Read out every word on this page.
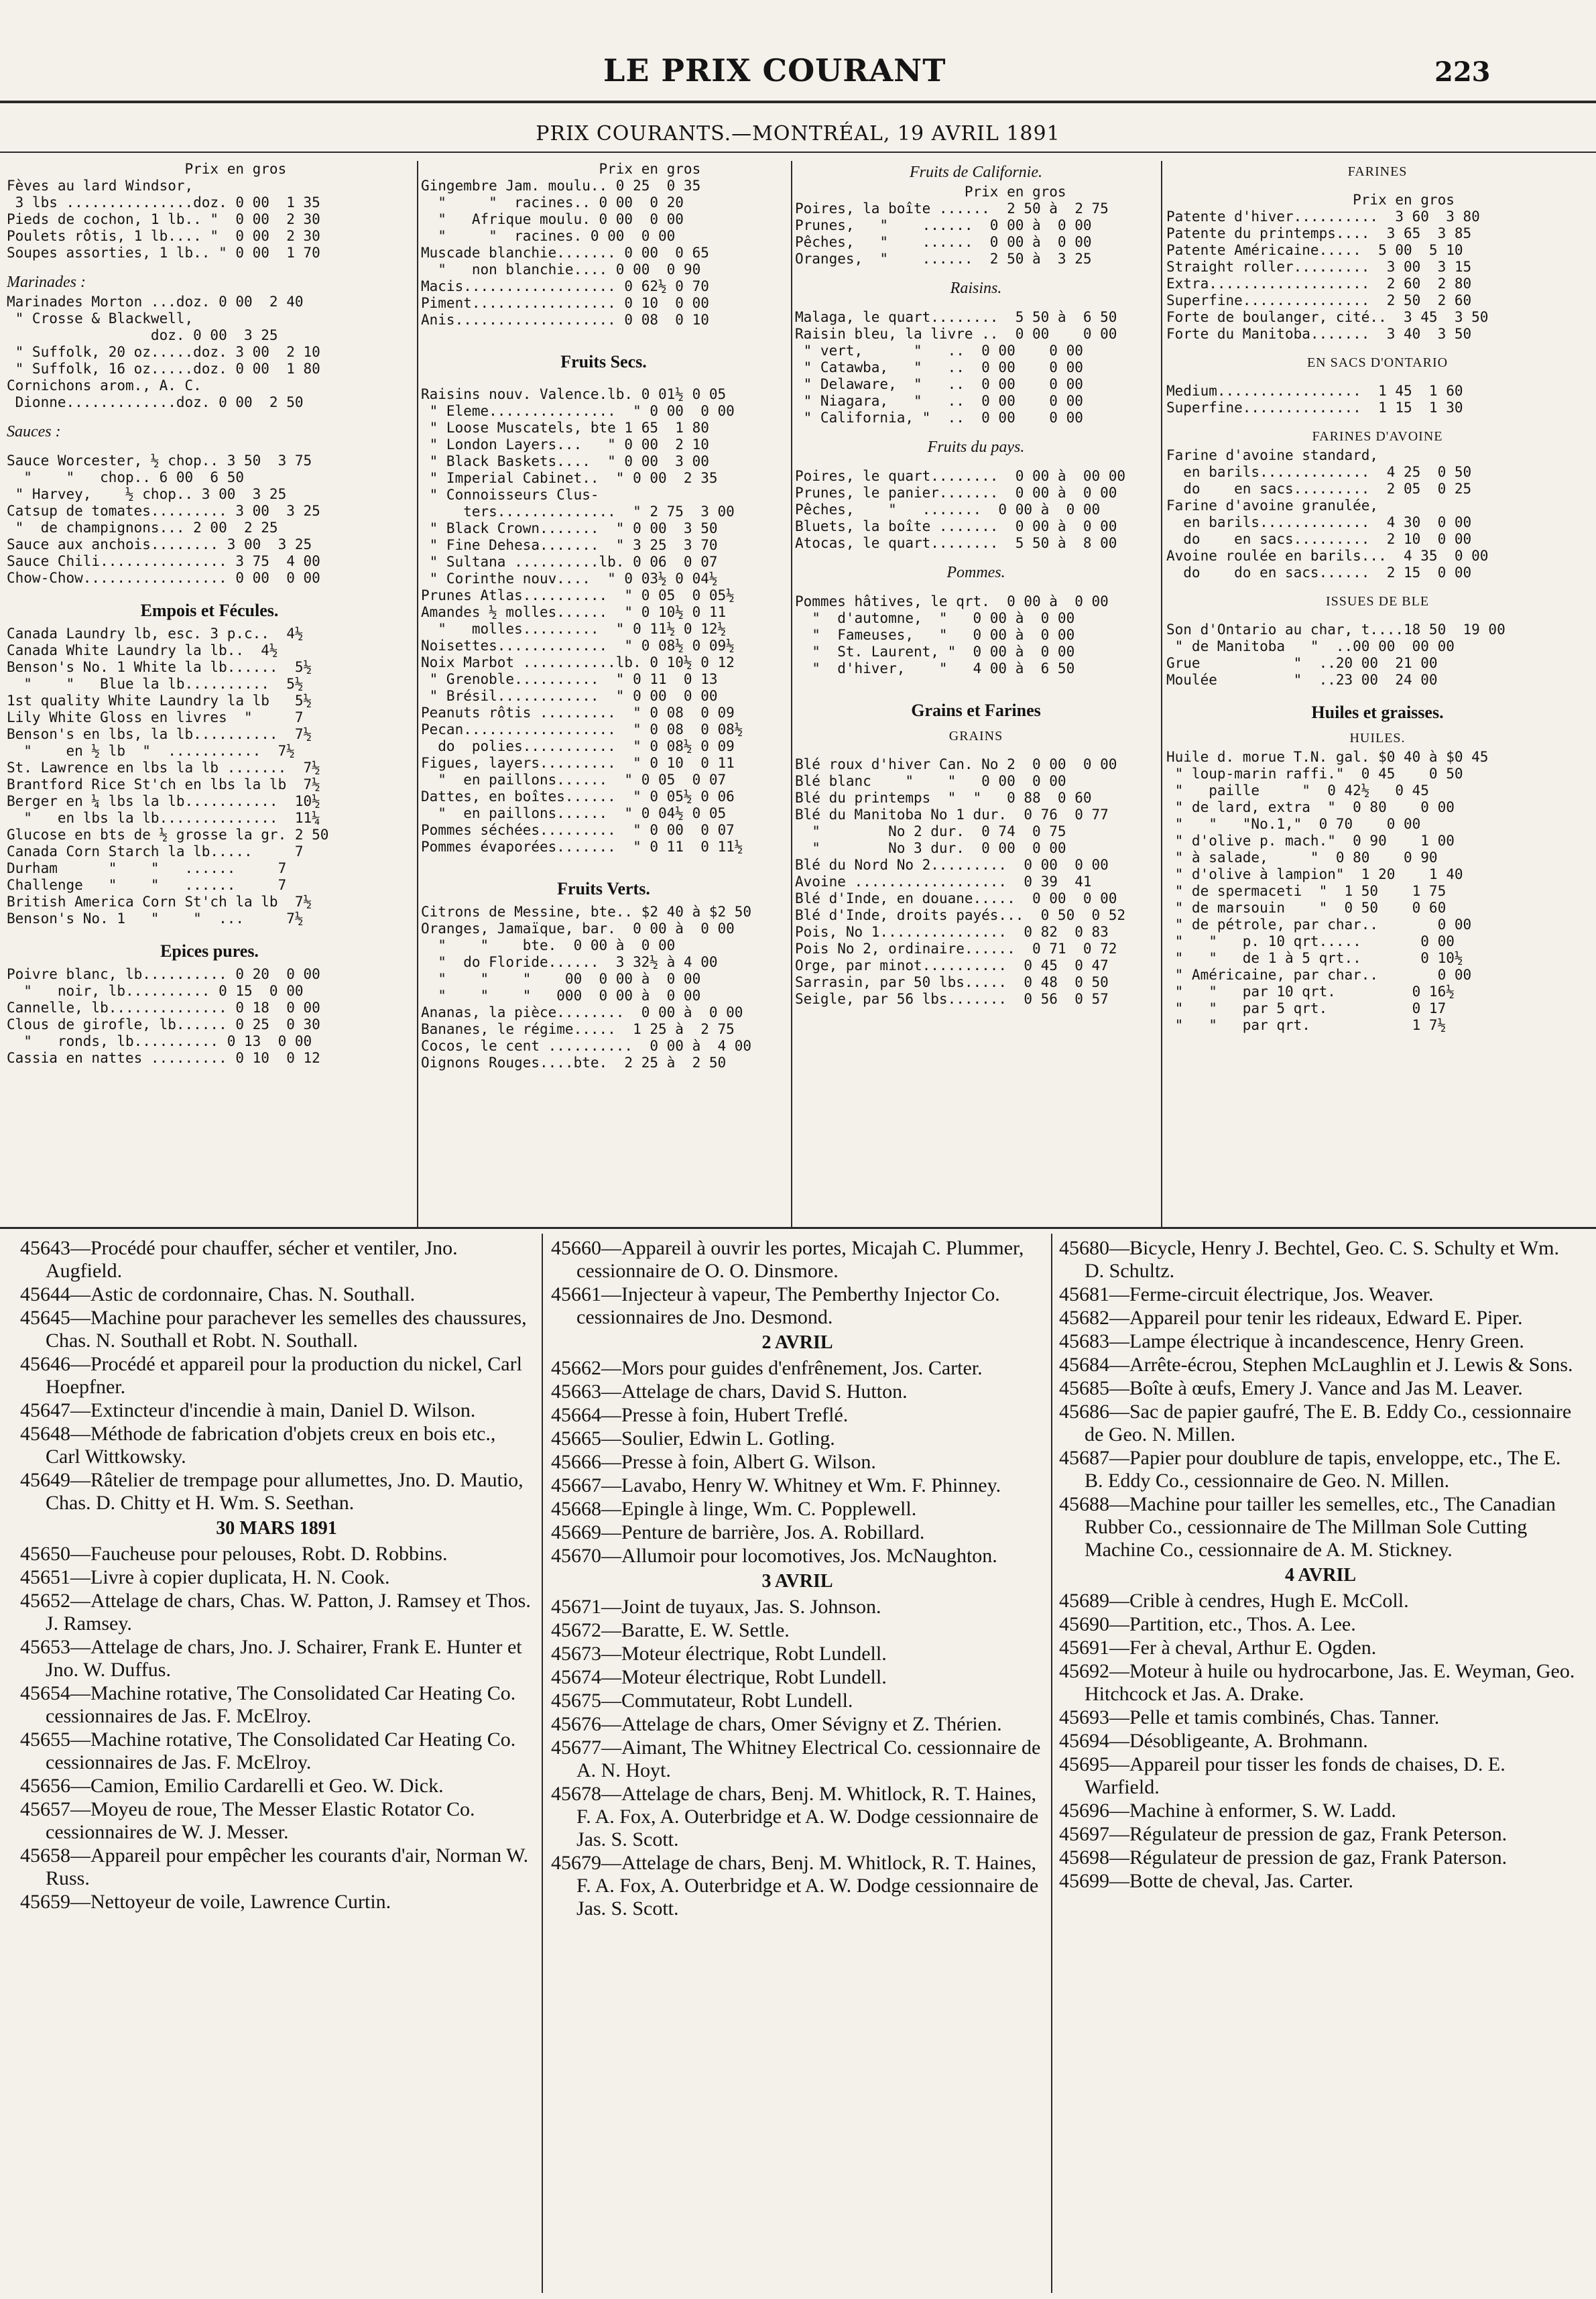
LE PRIX COURANT	223
PRIX COURANTS.—MONTRÉAL, 19 AVRIL 1891
Prix en gros
Fèves au lard Windsor,
3 lbs ...............doz. 0 00  1 35
Pieds de cochon, 1 lb.. "  0 00  2 30
Poulets rôtis, 1 lb.... "  0 00  2 30
Soupes assorties, 1 lb.. " 0 00  1 70
Marinades :
Marinades Morton ...doz. 0 00  2 40
" Crosse & Blackwell,
doz. 0 00  3 25
" Suffolk, 20 oz.....doz. 3 00  2 10
" Suffolk, 16 oz.....doz. 0 00  1 80
Cornichons arom., A. C.
Dionne.............doz. 0 00  2 50
Sauces :
Sauce Worcester, ½ chop.. 3 50  3 75
"    "   chop.. 6 00  6 50
" Harvey,    ½ chop.. 3 00  3 25
Catsup de tomates......... 3 00  3 25
"  de champignons... 2 00  2 25
Sauce aux anchois........ 3 00  3 25
Sauce Chili............... 3 75  4 00
Chow-Chow................. 0 00  0 00
Empois et Fécules.
Canada Laundry lb, esc. 3 p.c..  4½
Canada White Laundry la lb..  4½
Benson's No. 1 White la lb......  5½
"    "   Blue la lb..........  5½
1st quality White Laundry la lb   5½
Lily White Gloss en livres  "     7
Benson's en lbs, la lb..........  7½
"    en ½ lb  "  ...........  7½
St. Lawrence en lbs la lb .......  7½
Brantford Rice St'ch en lbs la lb  7½
Berger en ¼ lbs la lb...........  10½
"   en lbs la lb..............  11¼
Glucose en bts de ½ grosse la gr. 2 50
Canada Corn Starch la lb.....     7
Durham      "    "   ......     7
Challenge   "    "   ......     7
British America Corn St'ch la lb  7½
Benson's No. 1   "    "  ...     7½
Epices pures.
Poivre blanc, lb.......... 0 20  0 00
"   noir, lb.......... 0 15  0 00
Cannelle, lb.............. 0 18  0 00
Clous de girofle, lb...... 0 25  0 30
"   ronds, lb.......... 0 13  0 00
Cassia en nattes ......... 0 10  0 12
Prix en gros
Gingembre Jam. moulu.. 0 25  0 35
"     "  racines.. 0 00  0 20
"   Afrique moulu. 0 00  0 00
"     "  racines. 0 00  0 00
Muscade blanchie....... 0 00  0 65
"   non blanchie.... 0 00  0 90
Macis.................. 0 62½ 0 70
Piment................. 0 10  0 00
Anis................... 0 08  0 10
Fruits Secs.
Raisins nouv. Valence.lb. 0 01½ 0 05
" Eleme...............  " 0 00  0 00
" Loose Muscatels, bte 1 65  1 80
" London Layers...   " 0 00  2 10
" Black Baskets....  " 0 00  3 00
" Imperial Cabinet..  " 0 00  2 35
" Connoisseurs Clus-
ters..............  " 2 75  3 00
" Black Crown.......  " 0 00  3 50
" Fine Dehesa.......  " 3 25  3 70
" Sultana ..........lb. 0 06  0 07
" Corinthe nouv....  " 0 03½ 0 04½
Prunes Atlas..........  " 0 05  0 05½
Amandes ½ molles......  " 0 10½ 0 11
"   molles.........  " 0 11½ 0 12½
Noisettes.............  " 0 08½ 0 09½
Noix Marbot ...........lb. 0 10½ 0 12
" Grenoble..........  " 0 11  0 13
" Brésil............  " 0 00  0 00
Peanuts rôtis .........  " 0 08  0 09
Pecan..................  " 0 08  0 08½
do  polies...........  " 0 08½ 0 09
Figues, layers.........  " 0 10  0 11
"  en paillons......  " 0 05  0 07
Dattes, en boîtes......  " 0 05½ 0 06
"  en paillons......  " 0 04½ 0 05
Pommes séchées.........  " 0 00  0 07
Pommes évaporées.......  " 0 11  0 11½
Fruits Verts.
Citrons de Messine, bte.. $2 40 à $2 50
Oranges, Jamaïque, bar.  0 00 à  0 00
"    "    bte.  0 00 à  0 00
"  do Floride......  3 32½ à 4 00
"    "    "    00  0 00 à  0 00
"    "    "   000  0 00 à  0 00
Ananas, la pièce........  0 00 à  0 00
Bananes, le régime.....  1 25 à  2 75
Cocos, le cent ..........  0 00 à  4 00
Oignons Rouges....bte.  2 25 à  2 50
Fruits de Californie.
Prix en gros
Poires, la boîte ......  2 50 à  2 75
Prunes,   "    ......  0 00 à  0 00
Pêches,   "    ......  0 00 à  0 00
Oranges,  "    ......  2 50 à  3 25
Raisins.
Malaga, le quart........  5 50 à  6 50
Raisin bleu, la livre ..  0 00    0 00
" vert,      "   ..  0 00    0 00
" Catawba,   "   ..  0 00    0 00
" Delaware,  "   ..  0 00    0 00
" Niagara,   "   ..  0 00    0 00
" California, "  ..  0 00    0 00
Fruits du pays.
Poires, le quart........  0 00 à  00 00
Prunes, le panier.......  0 00 à  0 00
Pêches,    "   .......  0 00 à  0 00
Bluets, la boîte .......  0 00 à  0 00
Atocas, le quart........  5 50 à  8 00
Pommes.
Pommes hâtives, le qrt.  0 00 à  0 00
"  d'automne,  "   0 00 à  0 00
"  Fameuses,   "   0 00 à  0 00
"  St. Laurent, "  0 00 à  0 00
"  d'hiver,    "   4 00 à  6 50
Grains et Farines
GRAINS
Blé roux d'hiver Can. No 2  0 00  0 00
Blé blanc    "    "   0 00  0 00
Blé du printemps  "  "   0 88  0 60
Blé du Manitoba No 1 dur.  0 76  0 77
"        No 2 dur.  0 74  0 75
"        No 3 dur.  0 00  0 00
Blé du Nord No 2.........  0 00  0 00
Avoine ..................  0 39  41
Blé d'Inde, en douane.....  0 00  0 00
Blé d'Inde, droits payés...  0 50  0 52
Pois, No 1...............  0 82  0 83
Pois No 2, ordinaire......  0 71  0 72
Orge, par minot..........  0 45  0 47
Sarrasin, par 50 lbs.....  0 48  0 50
Seigle, par 56 lbs.......  0 56  0 57
FARINES
Prix en gros
Patente d'hiver..........  3 60  3 80
Patente du printemps....  3 65  3 85
Patente Américaine.....  5 00  5 10
Straight roller.........  3 00  3 15
Extra...................  2 60  2 80
Superfine...............  2 50  2 60
Forte de boulanger, cité..  3 45  3 50
Forte du Manitoba.......  3 40  3 50
EN SACS D'ONTARIO
Medium.................  1 45  1 60
Superfine..............  1 15  1 30
FARINES D'AVOINE
Farine d'avoine standard,
en barils.............  4 25  0 50
do    en sacs.........  2 05  0 25
Farine d'avoine granulée,
en barils.............  4 30  0 00
do    en sacs.........  2 10  0 00
Avoine roulée en barils...  4 35  0 00
do    do en sacs......  2 15  0 00
ISSUES DE BLE
Son d'Ontario au char, t....18 50  19 00
" de Manitoba   "  ..00 00  00 00
Grue           "  ..20 00  21 00
Moulée         "  ..23 00  24 00
Huiles et graisses.
HUILES.
Huile d. morue T.N. gal. $0 40 à $0 45
" loup-marin raffi."  0 45    0 50
"   paille     "  0 42½   0 45
" de lard, extra  "  0 80    0 00
"   "   "No.1,"  0 70    0 00
" d'olive p. mach."  0 90    1 00
" à salade,     "  0 80    0 90
" d'olive à lampion"  1 20    1 40
" de spermaceti  "  1 50    1 75
" de marsouin    "  0 50    0 60
" de pétrole, par char..       0 00
"   "   p. 10 qrt.....       0 00
"   "   de 1 à 5 qrt..       0 10½
" Américaine, par char..       0 00
"   "   par 10 qrt.         0 16½
"   "   par 5 qrt.          0 17
"   "   par qrt.            1 7½
45643—Procédé pour chauffer, sécher et ventiler, Jno. Augfield.
45644—Astic de cordonnaire, Chas. N. Southall.
45645—Machine pour parachever les semelles des chaussures, Chas. N. Southall et Robt. N. Southall.
45646—Procédé et appareil pour la production du nickel, Carl Hoepfner.
45647—Extincteur d'incendie à main, Daniel D. Wilson.
45648—Méthode de fabrication d'objets creux en bois etc., Carl Wittkowsky.
45649—Râtelier de trempage pour allumettes, Jno. D. Mautio, Chas. D. Chitty et H. Wm. S. Seethan.
30 MARS 1891
45650—Faucheuse pour pelouses, Robt. D. Robbins.
45651—Livre à copier duplicata, H. N. Cook.
45652—Attelage de chars, Chas. W. Patton, J. Ramsey et Thos. J. Ramsey.
45653—Attelage de chars, Jno. J. Schairer, Frank E. Hunter et Jno. W. Duffus.
45654—Machine rotative, The Consolidated Car Heating Co. cessionnaires de Jas. F. McElroy.
45655—Machine rotative, The Consolidated Car Heating Co. cessionnaires de Jas. F. McElroy.
45656—Camion, Emilio Cardarelli et Geo. W. Dick.
45657—Moyeu de roue, The Messer Elastic Rotator Co. cessionnaires de W. J. Messer.
45658—Appareil pour empêcher les courants d'air, Norman W. Russ.
45659—Nettoyeur de voile, Lawrence Curtin.
45660—Appareil à ouvrir les portes, Micajah C. Plummer, cessionnaire de O. O. Dinsmore.
45661—Injecteur à vapeur, The Pemberthy Injector Co. cessionnaires de Jno. Desmond.
2 AVRIL
45662—Mors pour guides d'enfrênement, Jos. Carter.
45663—Attelage de chars, David S. Hutton.
45664—Presse à foin, Hubert Treflé.
45665—Soulier, Edwin L. Gotling.
45666—Presse à foin, Albert G. Wilson.
45667—Lavabo, Henry W. Whitney et Wm. F. Phinney.
45668—Epingle à linge, Wm. C. Popplewell.
45669—Penture de barrière, Jos. A. Robillard.
45670—Allumoir pour locomotives, Jos. McNaughton.
3 AVRIL
45671—Joint de tuyaux, Jas. S. Johnson.
45672—Baratte, E. W. Settle.
45673—Moteur électrique, Robt Lundell.
45674—Moteur électrique, Robt Lundell.
45675—Commutateur, Robt Lundell.
45676—Attelage de chars, Omer Sévigny et Z. Thérien.
45677—Aimant, The Whitney Electrical Co. cessionnaire de A. N. Hoyt.
45678—Attelage de chars, Benj. M. Whitlock, R. T. Haines, F. A. Fox, A. Outerbridge et A. W. Dodge cessionnaire de Jas. S. Scott.
45679—Attelage de chars, Benj. M. Whitlock, R. T. Haines, F. A. Fox, A. Outerbridge et A. W. Dodge cessionnaire de Jas. S. Scott.
45680—Bicycle, Henry J. Bechtel, Geo. C. S. Schulty et Wm. D. Schultz.
45681—Ferme-circuit électrique, Jos. Weaver.
45682—Appareil pour tenir les rideaux, Edward E. Piper.
45683—Lampe électrique à incandescence, Henry Green.
45684—Arrête-écrou, Stephen McLaughlin et J. Lewis & Sons.
45685—Boîte à œufs, Emery J. Vance and Jas M. Leaver.
45686—Sac de papier gaufré, The E. B. Eddy Co., cessionnaire de Geo. N. Millen.
45687—Papier pour doublure de tapis, enveloppe, etc., The E. B. Eddy Co., cessionnaire de Geo. N. Millen.
45688—Machine pour tailler les semelles, etc., The Canadian Rubber Co., cessionnaire de The Millman Sole Cutting Machine Co., cessionnaire de A. M. Stickney.
4 AVRIL
45689—Crible à cendres, Hugh E. McColl.
45690—Partition, etc., Thos. A. Lee.
45691—Fer à cheval, Arthur E. Ogden.
45692—Moteur à huile ou hydrocarbone, Jas. E. Weyman, Geo. Hitchcock et Jas. A. Drake.
45693—Pelle et tamis combinés, Chas. Tanner.
45694—Désobligeante, A. Brohmann.
45695—Appareil pour tisser les fonds de chaises, D. E. Warfield.
45696—Machine à enformer, S. W. Ladd.
45697—Régulateur de pression de gaz, Frank Peterson.
45698—Régulateur de pression de gaz, Frank Paterson.
45699—Botte de cheval, Jas. Carter.
